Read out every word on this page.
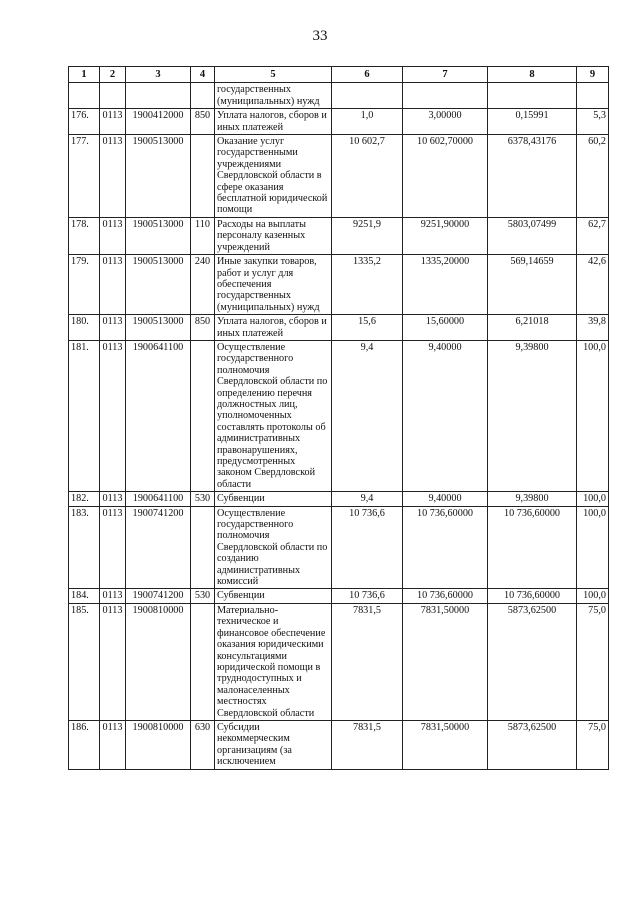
33
1	2	3	4	5	6	7	8	9
				государственных (муниципальных) нужд				
176.	0113	1900412000	850	Уплата налогов, сборов и иных платежей	1,0	3,00000	0,15991	5,3
177.	0113	1900513000		Оказание услуг государственными учреждениями Свердловской области в сфере оказания бесплатной юридической помощи	10 602,7	10 602,70000	6378,43176	60,2
178.	0113	1900513000	110	Расходы на выплаты персоналу казенных учреждений	9251,9	9251,90000	5803,07499	62,7
179.	0113	1900513000	240	Иные закупки товаров, работ и услуг для обеспечения государственных (муниципальных) нужд	1335,2	1335,20000	569,14659	42,6
180.	0113	1900513000	850	Уплата налогов, сборов и иных платежей	15,6	15,60000	6,21018	39,8
181.	0113	1900641100		Осуществление государственного полномочия Свердловской области по определению перечня должностных лиц, уполномоченных составлять протоколы об административных правонарушениях, предусмотренных законом Свердловской области	9,4	9,40000	9,39800	100,0
182.	0113	1900641100	530	Субвенции	9,4	9,40000	9,39800	100,0
183.	0113	1900741200		Осуществление государственного полномочия Свердловской области по созданию административных комиссий	10 736,6	10 736,60000	10 736,60000	100,0
184.	0113	1900741200	530	Субвенции	10 736,6	10 736,60000	10 736,60000	100,0
185.	0113	1900810000		Материально-техническое и финансовое обеспечение оказания юридическими консультациями юридической помощи в труднодоступных и малонаселенных местностях Свердловской области	7831,5	7831,50000	5873,62500	75,0
186.	0113	1900810000	630	Субсидии некоммерческим организациям (за исключением	7831,5	7831,50000	5873,62500	75,0
